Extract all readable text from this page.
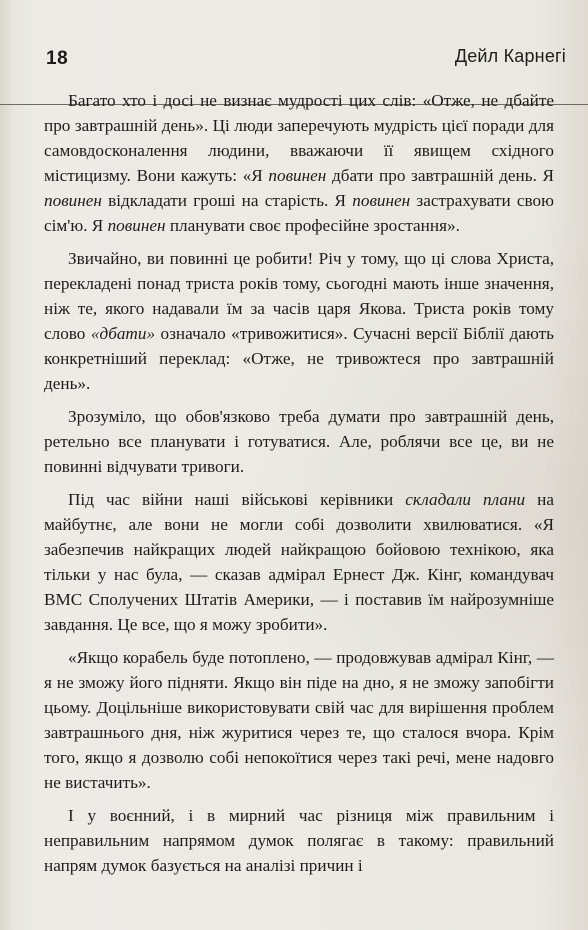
18	Дейл Карнегі

Багато хто і досі не визнає мудрості цих слів: «Отже, не дбайте про завтрашній день». Ці люди заперечують мудрість цієї поради для самовдосконалення людини, вважаючи її явищем східного містицизму. Вони кажуть: «Я повинен дбати про завтрашній день. Я повинен відкладати гроші на старість. Я повинен застрахувати свою сім'ю. Я повинен планувати своє професійне зростання».

Звичайно, ви повинні це робити! Річ у тому, що ці слова Христа, перекладені понад триста років тому, сьогодні мають інше значення, ніж те, якого надавали їм за часів царя Якова. Триста років тому слово «дбати» означало «тривожитися». Сучасні версії Біблії дають конкретніший переклад: «Отже, не тривожтеся про завтрашній день».

Зрозуміло, що обов'язково треба думати про завтрашній день, ретельно все планувати і готуватися. Але, роблячи все це, ви не повинні відчувати тривоги.

Під час війни наші військові керівники складали плани на майбутнє, але вони не могли собі дозволити хвилюватися. «Я забезпечив найкращих людей найкращою бойовою технікою, яка тільки у нас була, — сказав адмірал Ернест Дж. Кінг, командувач ВМС Сполучених Штатів Америки, — і поставив їм найрозумніше завдання. Це все, що я можу зробити».

«Якщо корабель буде потоплено, — продовжував адмірал Кінг, — я не зможу його підняти. Якщо він піде на дно, я не зможу запобігти цьому. Доцільніше використовувати свій час для вирішення проблем завтрашнього дня, ніж журитися через те, що сталося вчора. Крім того, якщо я дозволю собі непокоїтися через такі речі, мене надовго не вистачить».

І у воєнний, і в мирний час різниця між правильним і неправильним напрямом думок полягає в такому: правильний напрям думок базується на аналізі причин і
